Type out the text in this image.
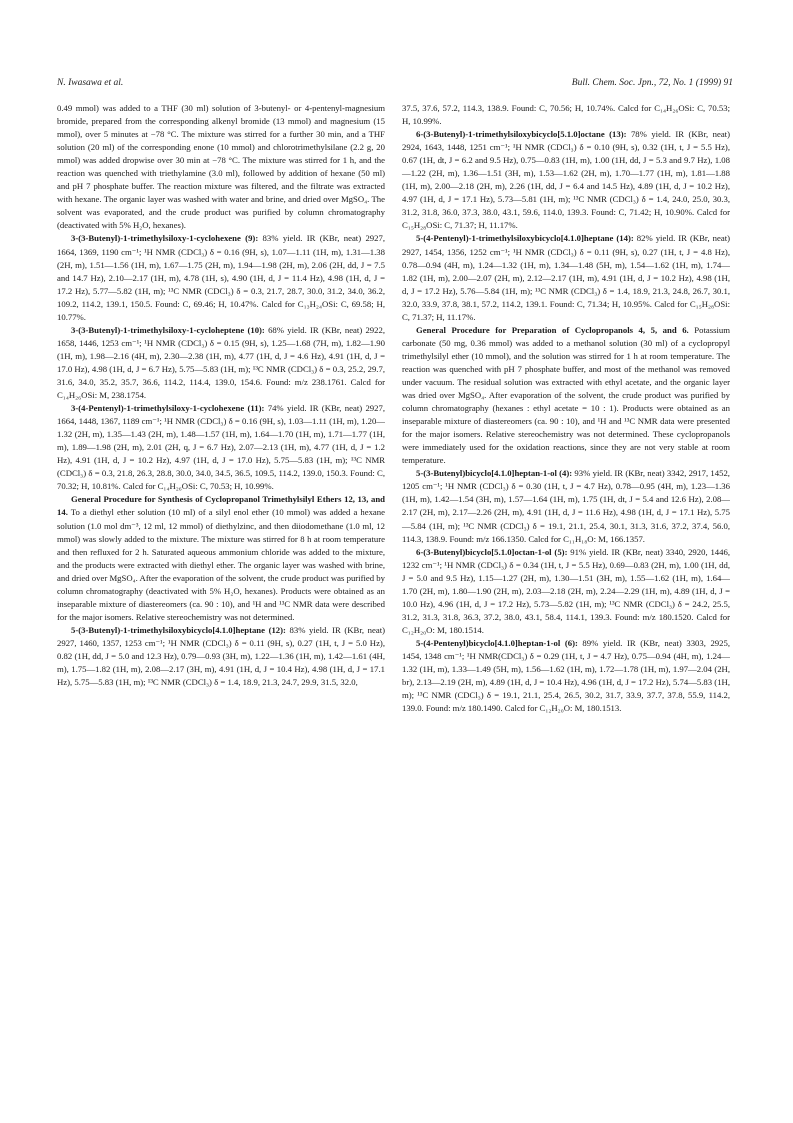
N. Iwasawa et al.	Bull. Chem. Soc. Jpn., 72, No. 1 (1999) 91

0.49 mmol) was added to a THF (30 ml) solution of 3-butenyl- or 4-pentenyl-magnesium bromide, prepared from the corresponding alkenyl bromide (13 mmol) and magnesium (15 mmol), over 5 minutes at −78 °C. The mixture was stirred for a further 30 min, and a THF solution (20 ml) of the corresponding enone (10 mmol) and chlorotrimethylsilane (2.2 g, 20 mmol) was added dropwise over 30 min at −78 °C. The mixture was stirred for 1 h, and the reaction was quenched with triethylamine (3.0 ml), followed by addition of hexane (50 ml) and pH 7 phosphate buffer. The reaction mixture was filtered, and the filtrate was extracted with hexane. The organic layer was washed with water and brine, and dried over MgSO₄. The solvent was evaporated, and the crude product was purified by column chromatography (deactivated with 5% H₂O, hexanes).

3-(3-Butenyl)-1-trimethylsiloxy-1-cyclohexene (9): 83% yield. IR (KBr, neat) 2927, 1664, 1369, 1190 cm⁻¹; ¹H NMR (CDCl₃) δ = 0.16 (9H, s), 1.07—1.11 (1H, m), 1.31—1.38 (2H, m), 1.51—1.56 (1H, m), 1.67—1.75 (2H, m), 1.94—1.98 (2H, m), 2.06 (2H, dd, J = 7.5 and 14.7 Hz), 2.10—2.17 (1H, m), 4.78 (1H, s), 4.90 (1H, d, J = 11.4 Hz), 4.98 (1H, d, J = 17.2 Hz), 5.77—5.82 (1H, m); ¹³C NMR (CDCl₃) δ = 0.3, 21.7, 28.7, 30.0, 31.2, 34.0, 36.2, 109.2, 114.2, 139.1, 150.5. Found: C, 69.46; H, 10.47%. Calcd for C₁₃H₂₄OSi: C, 69.58; H, 10.77%.

3-(3-Butenyl)-1-trimethylsiloxy-1-cycloheptene (10): 68% yield. IR (KBr, neat) 2922, 1658, 1446, 1253 cm⁻¹; ¹H NMR (CDCl₃) δ = 0.15 (9H, s), 1.25—1.68 (7H, m), 1.82—1.90 (1H, m), 1.98—2.16 (4H, m), 2.30—2.38 (1H, m), 4.77 (1H, d, J = 4.6 Hz), 4.91 (1H, d, J = 17.0 Hz), 4.98 (1H, d, J = 6.7 Hz), 5.75—5.83 (1H, m); ¹³C NMR (CDCl₃) δ = 0.3, 25.2, 29.7, 31.6, 34.0, 35.2, 35.7, 36.6, 114.2, 114.4, 139.0, 154.6. Found: m/z 238.1761. Calcd for C₁₄H₂₆OSi: M, 238.1754.

3-(4-Pentenyl)-1-trimethylsiloxy-1-cyclohexene (11): 74% yield. IR (KBr, neat) 2927, 1664, 1448, 1367, 1189 cm⁻¹; ¹H NMR (CDCl₃) δ = 0.16 (9H, s), 1.03—1.11 (1H, m), 1.20—1.32 (2H, m), 1.35—1.43 (2H, m), 1.48—1.57 (1H, m), 1.64—1.70 (1H, m), 1.71—1.77 (1H, m), 1.89—1.98 (2H, m), 2.01 (2H, q, J = 6.7 Hz), 2.07—2.13 (1H, m), 4.77 (1H, d, J = 1.2 Hz), 4.91 (1H, d, J = 10.2 Hz), 4.97 (1H, d, J = 17.0 Hz), 5.75—5.83 (1H, m); ¹³C NMR (CDCl₃) δ = 0.3, 21.8, 26.3, 28.8, 30.0, 34.0, 34.5, 36.5, 109.5, 114.2, 139.0, 150.3. Found: C, 70.32; H, 10.81%. Calcd for C₁₄H₂₆OSi: C, 70.53; H, 10.99%.

General Procedure for Synthesis of Cyclopropanol Trimethylsilyl Ethers 12, 13, and 14. To a diethyl ether solution (10 ml) of a silyl enol ether (10 mmol) was added a hexane solution (1.0 mol dm⁻³, 12 ml, 12 mmol) of diethylzinc, and then diiodomethane (1.0 ml, 12 mmol) was slowly added to the mixture. The mixture was stirred for 8 h at room temperature and then refluxed for 2 h. Saturated aqueous ammonium chloride was added to the mixture, and the products were extracted with diethyl ether. The organic layer was washed with brine, and dried over MgSO₄. After the evaporation of the solvent, the crude product was purified by column chromatography (deactivated with 5% H₂O, hexanes). Products were obtained as an inseparable mixture of diastereomers (ca. 90 : 10), and ¹H and ¹³C NMR data were described for the major isomers. Relative stereochemistry was not determined.

5-(3-Butenyl)-1-trimethylsiloxybicyclo[4.1.0]heptane (12): 83% yield. IR (KBr, neat) 2927, 1460, 1357, 1253 cm⁻¹; ¹H NMR (CDCl₃) δ = 0.11 (9H, s), 0.27 (1H, t, J = 5.0 Hz), 0.82 (1H, dd, J = 5.0 and 12.3 Hz), 0.79—0.93 (3H, m), 1.22—1.36 (1H, m), 1.42—1.61 (4H, m), 1.75—1.82 (1H, m), 2.08—2.17 (3H, m), 4.91 (1H, d, J = 10.4 Hz), 4.98 (1H, d, J = 17.1 Hz), 5.75—5.83 (1H, m); ¹³C NMR (CDCl₃) δ = 1.4, 18.9, 21.3, 24.7, 29.9, 31.5, 32.0,

37.5, 37.6, 57.2, 114.3, 138.9. Found: C, 70.56; H, 10.74%. Calcd for C₁₄H₂₆OSi: C, 70.53; H, 10.99%.

6-(3-Butenyl)-1-trimethylsiloxybicyclo[5.1.0]octane (13): 78% yield. IR (KBr, neat) 2924, 1643, 1448, 1251 cm⁻¹; ¹H NMR (CDCl₃) δ = 0.10 (9H, s), 0.32 (1H, t, J = 5.5 Hz), 0.67 (1H, dt, J = 6.2 and 9.5 Hz), 0.75—0.83 (1H, m), 1.00 (1H, dd, J = 5.3 and 9.7 Hz), 1.08—1.22 (2H, m), 1.36—1.51 (3H, m), 1.53—1.62 (2H, m), 1.70—1.77 (1H, m), 1.81—1.88 (1H, m), 2.00—2.18 (2H, m), 2.26 (1H, dd, J = 6.4 and 14.5 Hz), 4.89 (1H, d, J = 10.2 Hz), 4.97 (1H, d, J = 17.1 Hz), 5.73—5.81 (1H, m); ¹³C NMR (CDCl₃) δ = 1.4, 24.0, 25.0, 30.3, 31.2, 31.8, 36.0, 37.3, 38.0, 43.1, 59.6, 114.0, 139.3. Found: C, 71.42; H, 10.90%. Calcd for C₁₅H₂₈OSi: C, 71.37; H, 11.17%.

5-(4-Pentenyl)-1-trimethylsiloxybicyclo[4.1.0]heptane (14): 82% yield. IR (KBr, neat) 2927, 1454, 1356, 1252 cm⁻¹; ¹H NMR (CDCl₃) δ = 0.11 (9H, s), 0.27 (1H, t, J = 4.8 Hz), 0.78—0.94 (4H, m), 1.24—1.32 (1H, m), 1.34—1.48 (5H, m), 1.54—1.62 (1H, m), 1.74—1.82 (1H, m), 2.00—2.07 (2H, m), 2.12—2.17 (1H, m), 4.91 (1H, d, J = 10.2 Hz), 4.98 (1H, d, J = 17.2 Hz), 5.76—5.84 (1H, m); ¹³C NMR (CDCl₃) δ = 1.4, 18.9, 21.3, 24.8, 26.7, 30.1, 32.0, 33.9, 37.8, 38.1, 57.2, 114.2, 139.1. Found: C, 71.34; H, 10.95%. Calcd for C₁₅H₂₈OSi: C, 71.37; H, 11.17%.

General Procedure for Preparation of Cyclopropanols 4, 5, and 6. Potassium carbonate (50 mg, 0.36 mmol) was added to a methanol solution (30 ml) of a cyclopropyl trimethylsilyl ether (10 mmol), and the solution was stirred for 1 h at room temperature. The reaction was quenched with pH 7 phosphate buffer, and most of the methanol was removed under vacuum. The residual solution was extracted with ethyl acetate, and the organic layer was dried over MgSO₄. After evaporation of the solvent, the crude product was purified by column chromatography (hexanes : ethyl acetate = 10 : 1). Products were obtained as an inseparable mixture of diastereomers (ca. 90 : 10), and ¹H and ¹³C NMR data were presented for the major isomers. Relative stereochemistry was not determined. These cyclopropanols were immediately used for the oxidation reactions, since they are not very stable at room temperature.

5-(3-Butenyl)bicyclo[4.1.0]heptan-1-ol (4): 93% yield. IR (KBr, neat) 3342, 2917, 1452, 1205 cm⁻¹; ¹H NMR (CDCl₃) δ = 0.30 (1H, t, J = 4.7 Hz), 0.78—0.95 (4H, m), 1.23—1.36 (1H, m), 1.42—1.54 (3H, m), 1.57—1.64 (1H, m), 1.75 (1H, dt, J = 5.4 and 12.6 Hz), 2.08—2.17 (2H, m), 2.17—2.26 (2H, m), 4.91 (1H, d, J = 11.6 Hz), 4.98 (1H, d, J = 17.1 Hz), 5.75—5.84 (1H, m); ¹³C NMR (CDCl₃) δ = 19.1, 21.1, 25.4, 30.1, 31.3, 31.6, 37.2, 37.4, 56.0, 114.3, 138.9. Found: m/z 166.1350. Calcd for C₁₁H₁₈O: M, 166.1357.

6-(3-Butenyl)bicyclo[5.1.0]octan-1-ol (5): 91% yield. IR (KBr, neat) 3340, 2920, 1446, 1232 cm⁻¹; ¹H NMR (CDCl₃) δ = 0.34 (1H, t, J = 5.5 Hz), 0.69—0.83 (2H, m), 1.00 (1H, dd, J = 5.0 and 9.5 Hz), 1.15—1.27 (2H, m), 1.30—1.51 (3H, m), 1.55—1.62 (1H, m), 1.64—1.70 (2H, m), 1.80—1.90 (2H, m), 2.03—2.18 (2H, m), 2.24—2.29 (1H, m), 4.89 (1H, d, J = 10.0 Hz), 4.96 (1H, d, J = 17.2 Hz), 5.73—5.82 (1H, m); ¹³C NMR (CDCl₃) δ = 24.2, 25.5, 31.2, 31.3, 31.8, 36.3, 37.2, 38.0, 43.1, 58.4, 114.1, 139.3. Found: m/z 180.1520. Calcd for C₁₂H₂₀O: M, 180.1514.

5-(4-Pentenyl)bicyclo[4.1.0]heptan-1-ol (6): 89% yield. IR (KBr, neat) 3303, 2925, 1454, 1348 cm⁻¹; ¹H NMR(CDCl₃) δ = 0.29 (1H, t, J = 4.7 Hz), 0.75—0.94 (4H, m), 1.24—1.32 (1H, m), 1.33—1.49 (5H, m), 1.56—1.62 (1H, m), 1.72—1.78 (1H, m), 1.97—2.04 (2H, br), 2.13—2.19 (2H, m), 4.89 (1H, d, J = 10.4 Hz), 4.96 (1H, d, J = 17.2 Hz), 5.74—5.83 (1H, m); ¹³C NMR (CDCl₃) δ = 19.1, 21.1, 25.4, 26.5, 30.2, 31.7, 33.9, 37.7, 37.8, 55.9, 114.2, 139.0. Found: m/z 180.1490. Calcd for C₁₂H₂₀O: M, 180.1513.
